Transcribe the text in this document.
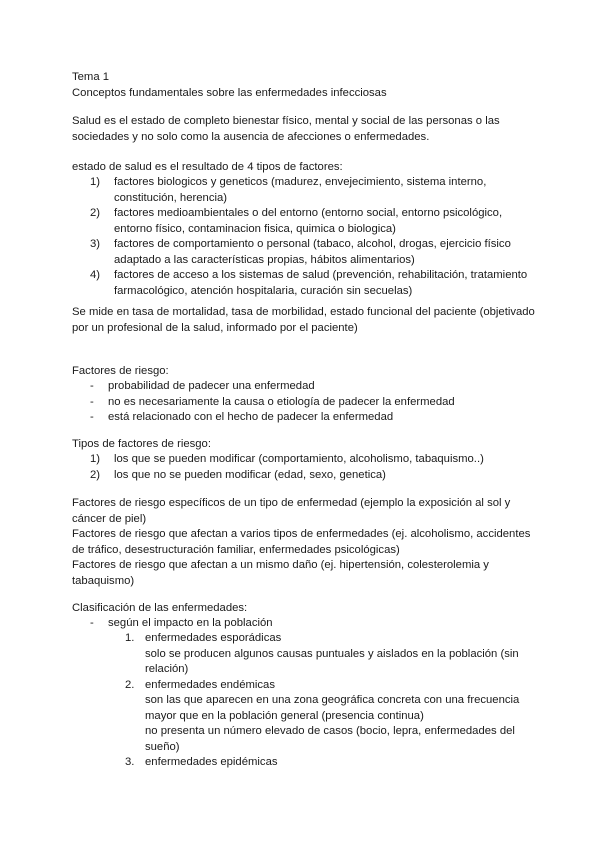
Tema 1
Conceptos fundamentales sobre las enfermedades infecciosas
Salud es el estado de completo bienestar físico, mental y social de las personas o las
sociedades y no solo como la ausencia de afecciones o enfermedades.
estado de salud es el resultado de 4 tipos de factores:
1) factores biologicos y geneticos (madurez, envejecimiento, sistema interno,
constitución, herencia)
2) factores medioambientales o del entorno (entorno social, entorno psicológico,
entorno físico, contaminacion fisica, quimica o biologica)
3) factores de comportamiento o personal (tabaco, alcohol, drogas, ejercicio físico
adaptado a las características propias, hábitos alimentarios)
4) factores de acceso a los sistemas de salud (prevención, rehabilitación, tratamiento
farmacológico, atención hospitalaria, curación sin secuelas)
Se mide en tasa de mortalidad, tasa de morbilidad, estado funcional del paciente (objetivado
por un profesional de la salud, informado por el paciente)
Factores de riesgo:
- probabilidad de padecer una enfermedad
- no es necesariamente la causa o etiología de padecer la enfermedad
- está relacionado con el hecho de padecer la enfermedad
Tipos de factores de riesgo:
1) los que se pueden modificar (comportamiento, alcoholismo, tabaquismo..)
2) los que no se pueden modificar (edad, sexo, genetica)
Factores de riesgo específicos de un tipo de enfermedad (ejemplo la exposición al sol y
cáncer de piel)
Factores de riesgo que afectan a varios tipos de enfermedades (ej. alcoholismo, accidentes
de tráfico, desestructuración familiar, enfermedades psicológicas)
Factores de riesgo que afectan a un mismo daño (ej. hipertensión, colesterolemia y
tabaquismo)
Clasificación de las enfermedades:
- según el impacto en la población
1. enfermedades esporádicas
solo se producen algunos causas puntuales y aislados en la población (sin
relación)
2. enfermedades endémicas
son las que aparecen en una zona geográfica concreta con una frecuencia
mayor que en la población general (presencia continua)
no presenta un número elevado de casos (bocio, lepra, enfermedades del
sueño)
3. enfermedades epidémicas
